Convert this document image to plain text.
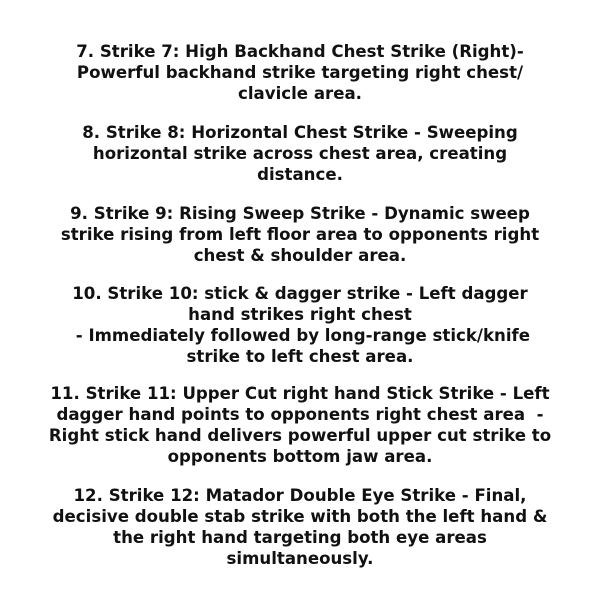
7. Strike 7: High Backhand Chest Strike (Right)-
Powerful backhand strike targeting right chest/
clavicle area.
8. Strike 8: Horizontal Chest Strike - Sweeping
horizontal strike across chest area, creating
distance.
9. Strike 9: Rising Sweep Strike - Dynamic sweep
strike rising from left floor area to opponents right
chest & shoulder area.
10. Strike 10: stick & dagger strike - Left dagger
hand strikes right chest
- Immediately followed by long-range stick/knife
strike to left chest area.
11. Strike 11: Upper Cut right hand Stick Strike - Left
dagger hand points to opponents right chest area  -
Right stick hand delivers powerful upper cut strike to
opponents bottom jaw area.
12. Strike 12: Matador Double Eye Strike - Final,
decisive double stab strike with both the left hand &
the right hand targeting both eye areas
simultaneously.
